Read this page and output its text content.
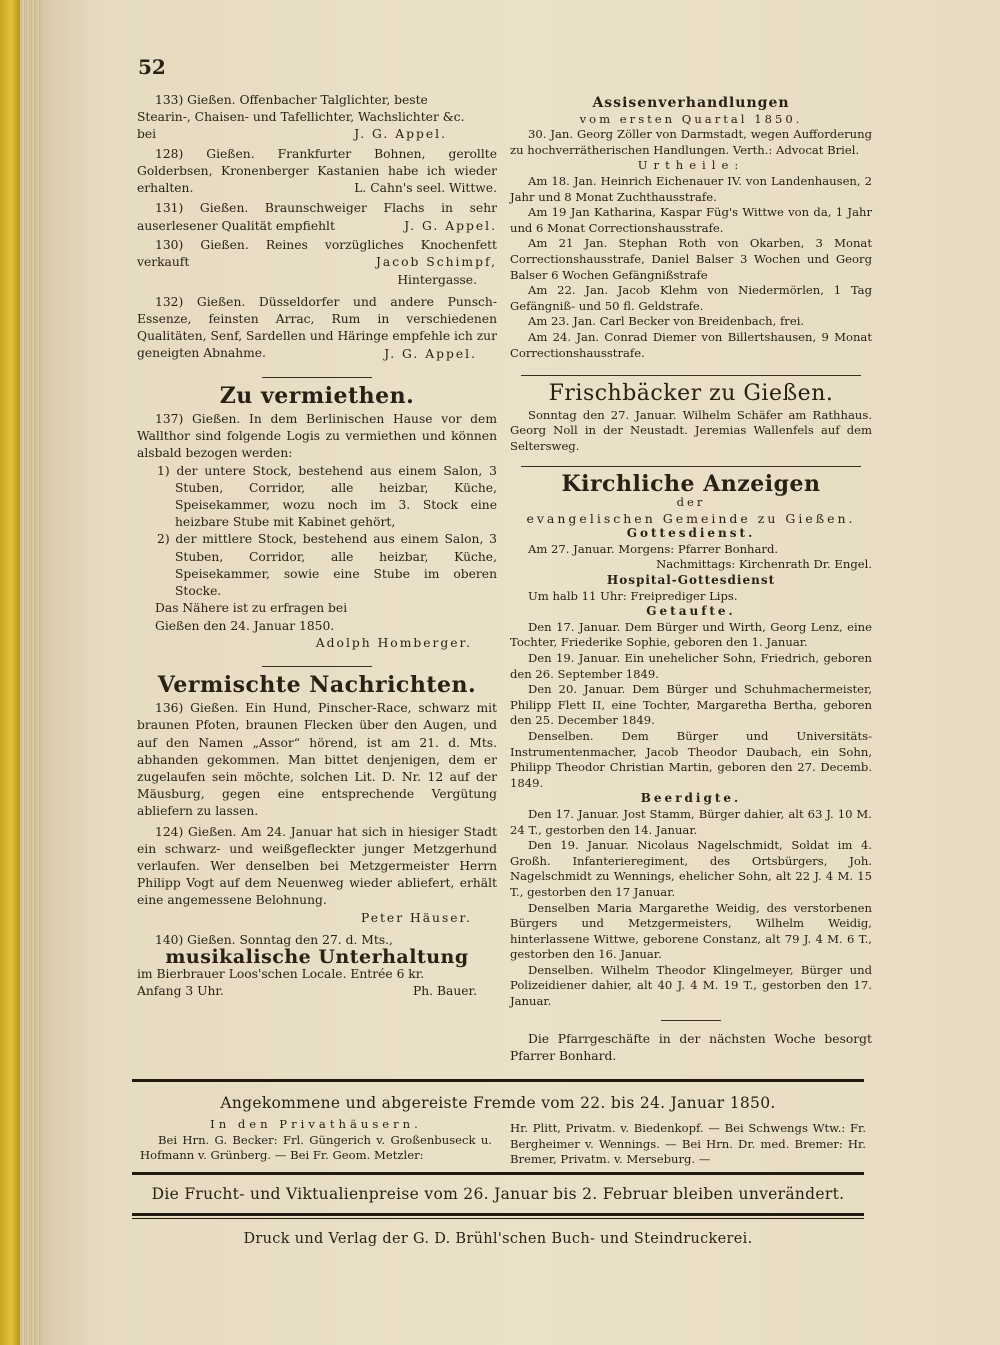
52

133) Gießen. Offenbacher Talglichter, beste

Stearin-, Chaisen- und Tafellichter, Wachslichter &c.

bei	J. G. Appel.

128) Gießen. Frankfurter Bohnen, gerollte Golderbsen, Kronenberger Kastanien habe ich wieder erhalten.	L. Cahn's seel. Wittwe.

131) Gießen. Braunschweiger Flachs in sehr auserlesener Qualität empfiehlt	J. G. Appel.

130) Gießen. Reines vorzügliches Knochenfett verkauft	Jacob Schimpf,

Hintergasse.

132) Gießen. Düsseldorfer und andere Punsch-Essenze, feinsten Arrac, Rum in verschiedenen Qualitäten, Senf, Sardellen und Häringe empfehle ich zur geneigten Abnahme.	J. G. Appel.

Zu vermiethen.

137) Gießen. In dem Berlinischen Hause vor dem Wallthor sind folgende Logis zu vermiethen und können alsbald bezogen werden:

1) der untere Stock, bestehend aus einem Salon, 3 Stuben, Corridor, alle heizbar, Küche, Speisekammer, wozu noch im 3. Stock eine heizbare Stube mit Kabinet gehört,

2) der mittlere Stock, bestehend aus einem Salon, 3 Stuben, Corridor, alle heizbar, Küche, Speisekammer, sowie eine Stube im oberen Stocke.

Das Nähere ist zu erfragen bei

Gießen den 24. Januar 1850.

Adolph Homberger.

Vermischte Nachrichten.

136) Gießen. Ein Hund, Pinscher-Race, schwarz mit braunen Pfoten, braunen Flecken über den Augen, und auf den Namen „Assor“ hörend, ist am 21. d. Mts. abhanden gekommen. Man bittet denjenigen, dem er zugelaufen sein möchte, solchen Lit. D. Nr. 12 auf der Mäusburg, gegen eine entsprechende Vergütung abliefern zu lassen.

124) Gießen. Am 24. Januar hat sich in hiesiger Stadt ein schwarz- und weißgefleckter junger Metzgerhund verlaufen. Wer denselben bei Metzgermeister Herrn Philipp Vogt auf dem Neuenweg wieder abliefert, erhält eine angemessene Belohnung.

Peter Häuser.

140) Gießen. Sonntag den 27. d. Mts.,

musikalische Unterhaltung

im Bierbrauer Loos'schen Locale. Entrée 6 kr.

Anfang 3 Uhr.	Ph. Bauer.

Assisenverhandlungen

vom ersten Quartal 1850.

30. Jan. Georg Zöller von Darmstadt, wegen Aufforderung zu hochverrätherischen Handlungen. Verth.: Advocat Briel.

Urtheile:

Am 18. Jan. Heinrich Eichenauer IV. von Landenhausen, 2 Jahr und 8 Monat Zuchthausstrafe.

Am 19 Jan Katharina, Kaspar Füg's Wittwe von da, 1 Jahr und 6 Monat Correctionshausstrafe.

Am 21 Jan. Stephan Roth von Okarben, 3 Monat Correctionshausstrafe, Daniel Balser 3 Wochen und Georg Balser 6 Wochen Gefängnißstrafe

Am 22. Jan. Jacob Klehm von Niedermörlen, 1 Tag Gefängniß- und 50 fl. Geldstrafe.

Am 23. Jan. Carl Becker von Breidenbach, frei.

Am 24. Jan. Conrad Diemer von Billertshausen, 9 Monat Correctionshausstrafe.

Frischbäcker zu Gießen.

Sonntag den 27. Januar. Wilhelm Schäfer am Rathhaus. Georg Noll in der Neustadt. Jeremias Wallenfels auf dem Seltersweg.

Kirchliche Anzeigen

der

evangelischen Gemeinde zu Gießen.

Gottesdienst.

Am 27. Januar. Morgens: Pfarrer Bonhard.

Nachmittags: Kirchenrath Dr. Engel.

Hospital-Gottesdienst

Um halb 11 Uhr: Freiprediger Lips.

Getaufte.

Den 17. Januar. Dem Bürger und Wirth, Georg Lenz, eine Tochter, Friederike Sophie, geboren den 1. Januar.

Den 19. Januar. Ein unehelicher Sohn, Friedrich, geboren den 26. September 1849.

Den 20. Januar. Dem Bürger und Schuhmachermeister, Philipp Flett II, eine Tochter, Margaretha Bertha, geboren den 25. December 1849.

Denselben. Dem Bürger und Universitäts-Instrumentenmacher, Jacob Theodor Daubach, ein Sohn, Philipp Theodor Christian Martin, geboren den 27. Decemb. 1849.

Beerdigte.

Den 17. Januar. Jost Stamm, Bürger dahier, alt 63 J. 10 M. 24 T., gestorben den 14. Januar.

Den 19. Januar. Nicolaus Nagelschmidt, Soldat im 4. Großh. Infanterieregiment, des Ortsbürgers, Joh. Nagelschmidt zu Wennings, ehelicher Sohn, alt 22 J. 4 M. 15 T., gestorben den 17 Januar.

Denselben Maria Margarethe Weidig, des verstorbenen Bürgers und Metzgermeisters, Wilhelm Weidig, hinterlassene Wittwe, geborene Constanz, alt 79 J. 4 M. 6 T., gestorben den 16. Januar.

Denselben. Wilhelm Theodor Klingelmeyer, Bürger und Polizeidiener dahier, alt 40 J. 4 M. 19 T., gestorben den 17. Januar.

Die Pfarrgeschäfte in der nächsten Woche besorgt Pfarrer Bonhard.

Angekommene und abgereiste Fremde vom 22. bis 24. Januar 1850.

In den Privathäusern.

Bei Hrn. G. Becker: Frl. Güngerich v. Großenbuseck u. Hofmann v. Grünberg. — Bei Fr. Geom. Metzler:

Hr. Plitt, Privatm. v. Biedenkopf. — Bei Schwengs Wtw.: Fr. Bergheimer v. Wennings. — Bei Hrn. Dr. med. Bremer: Hr. Bremer, Privatm. v. Merseburg. —

Die Frucht- und Viktualienpreise vom 26. Januar bis 2. Februar bleiben unverändert.
Druck und Verlag der G. D. Brühl'schen Buch- und Steindruckerei.
